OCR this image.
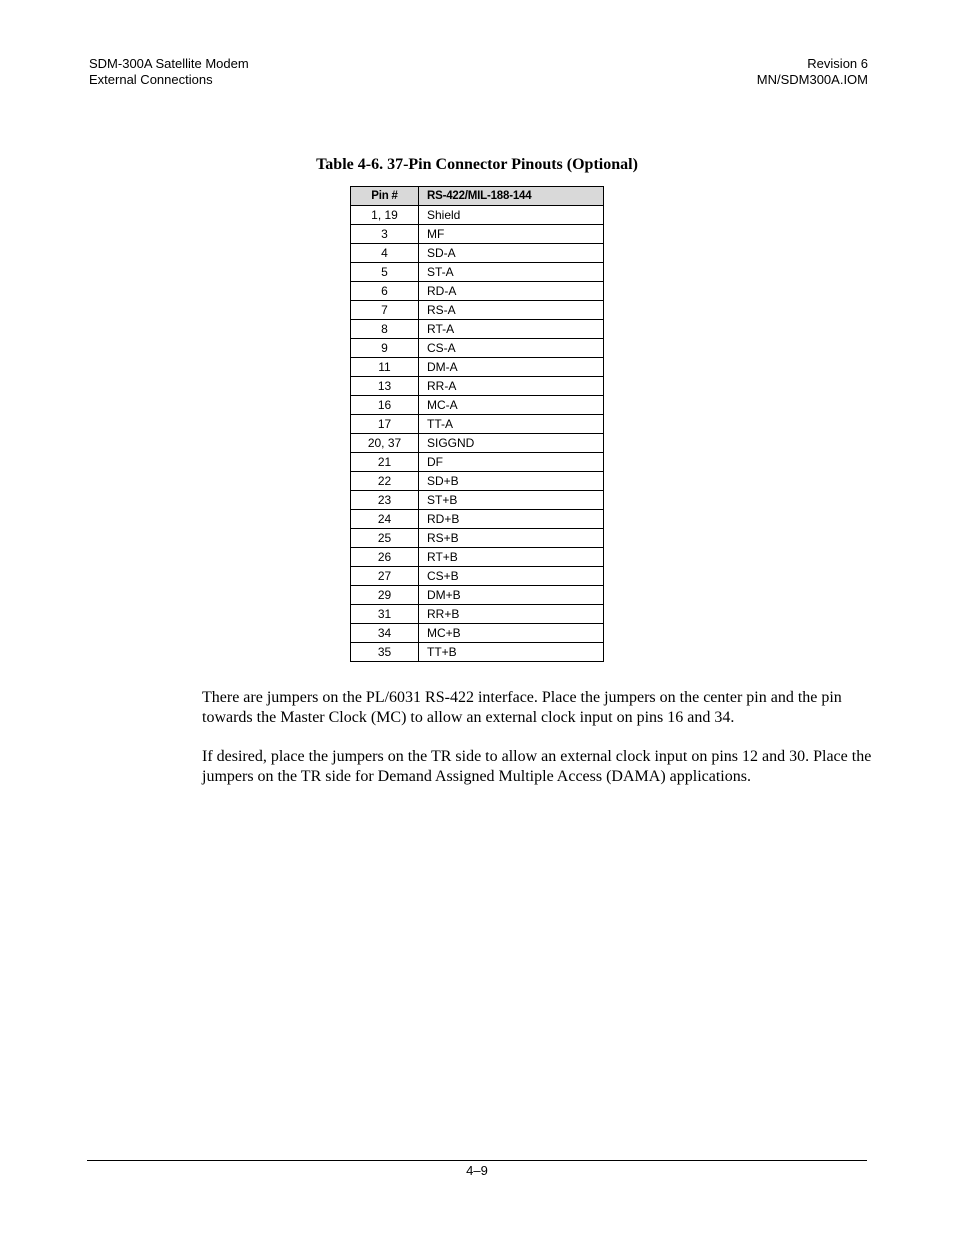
SDM-300A Satellite Modem
External Connections
Revision 6
MN/SDM300A.IOM
Table 4-6. 37-Pin Connector Pinouts (Optional)
Pin #	RS-422/MIL-188-144
1, 19	Shield
3	MF
4	SD-A
5	ST-A
6	RD-A
7	RS-A
8	RT-A
9	CS-A
11	DM-A
13	RR-A
16	MC-A
17	TT-A
20, 37	SIGGND
21	DF
22	SD+B
23	ST+B
24	RD+B
25	RS+B
26	RT+B
27	CS+B
29	DM+B
31	RR+B
34	MC+B
35	TT+B
There are jumpers on the PL/6031 RS-422 interface. Place the jumpers on the center pin and the pin towards the Master Clock (MC) to allow an external clock input on pins 16 and 34.
If desired, place the jumpers on the TR side to allow an external clock input on pins 12 and 30. Place the jumpers on the TR side for Demand Assigned Multiple Access (DAMA) applications.
4–9
